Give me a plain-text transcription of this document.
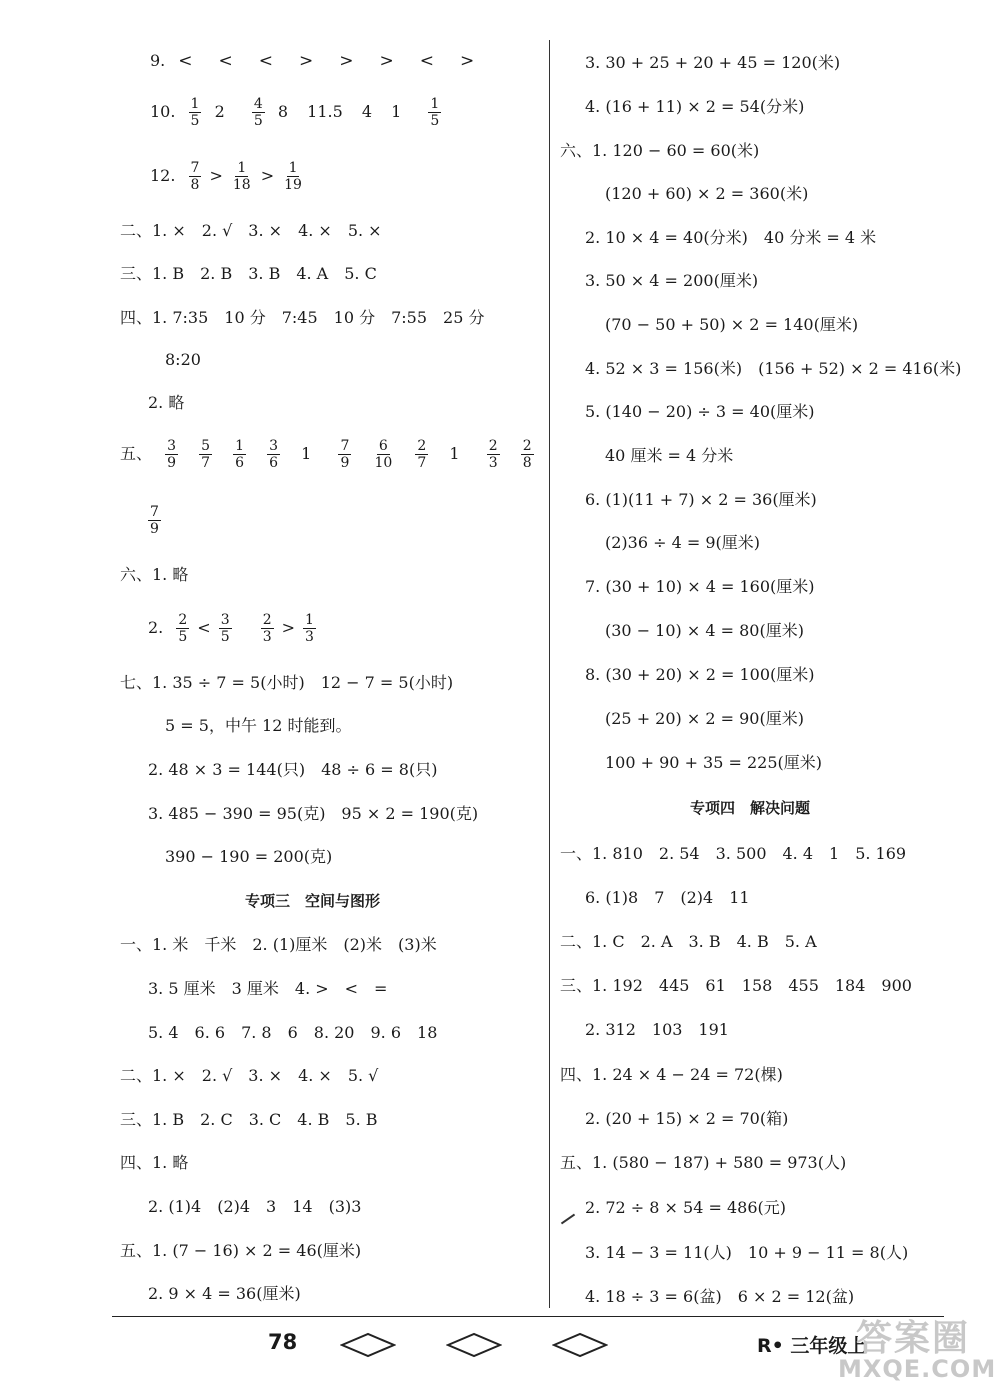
9. < < < > > > < >
10. $\frac{1}{5} 2 \frac{4}{5} 8$ 11.5 4 $1 \frac{1}{5}$
12. $\frac{7}{8} > \frac{1}{18} > \frac{1}{19}$
二、1. ×　2. √　3. ×　4. ×　5. ×
三、1. B　2. B　3. B　4. A　5. C
四、1. 7:35　10 分　7:45　10 分　7:55　25 分
8:20
2. 略
五、 $\frac{3}{9}$
$\frac{5}{7}$
$\frac{1}{6}$
$\frac{3}{6} 1 \frac{7}{9}$
$\frac{6}{10}$
$\frac{2}{7} 1 \frac{2}{3}$
$\frac{2}{8}$
$\frac{7}{9}$
六、1. 略
2. $\frac{2}{5} < \frac{3}{5}$
$\frac{2}{3} > \frac{1}{3}$
七、1. 35 ÷ 7 = 5(小时)　12 − 7 = 5(小时)
5 = 5，中午 12 时能到。
2. 48 × 3 = 144(只)　48 ÷ 6 = 8(只)
3. 485 − 390 = 95(克)　95 × 2 = 190(克)
390 − 190 = 200(克)
专项三　空间与图形
一、1. 米　千米　2. (1)厘米　(2)米　(3)米
3. 5 厘米　3 厘米　4. >　<　=
5. 4　6. 6　7. 8　6　8. 20　9. 6　18
二、1. ×　2. √　3. ×　4. ×　5. √
三、1. B　2. C　3. C　4. B　5. B
四、1. 略
2. (1)4　(2)4　3　14　(3)3
五、1. (7 − 16) × 2 = 46(厘米)
2. 9 × 4 = 36(厘米)
3. 30 + 25 + 20 + 45 = 120(米)
4. (16 + 11) × 2 = 54(分米)
六、1. 120 − 60 = 60(米)
(120 + 60) × 2 = 360(米)
2. 10 × 4 = 40(分米)　40 分米 = 4 米
3. 50 × 4 = 200(厘米)
(70 − 50 + 50) × 2 = 140(厘米)
4. 52 × 3 = 156(米)　(156 + 52) × 2 = 416(米)
5. (140 − 20) ÷ 3 = 40(厘米)
40 厘米 = 4 分米
6. (1)(11 + 7) × 2 = 36(厘米)
(2)36 ÷ 4 = 9(厘米)
7. (30 + 10) × 4 = 160(厘米)
(30 − 10) × 4 = 80(厘米)
8. (30 + 20) × 2 = 100(厘米)
(25 + 20) × 2 = 90(厘米)
100 + 90 + 35 = 225(厘米)
专项四　解决问题
一、1. 810　2. 54　3. 500　4. 4　1　5. 169
6. (1)8　7　(2)4　11
二、1. C　2. A　3. B　4. B　5. A
三、1. 192　445　61　158　455　184　900
2. 312　103　191
四、1. 24 × 4 − 24 = 72(棵)
2. (20 + 15) × 2 = 70(箱)
五、1. (580 − 187) + 580 = 973(人)
2. 72 ÷ 8 × 54 = 486(元)
3. 14 − 3 = 11(人)　10 + 9 − 11 = 8(人)
4. 18 ÷ 3 = 6(盆)　6 × 2 = 12(盆)
78	R• 三年级上
答案圈
MXQE.COM
